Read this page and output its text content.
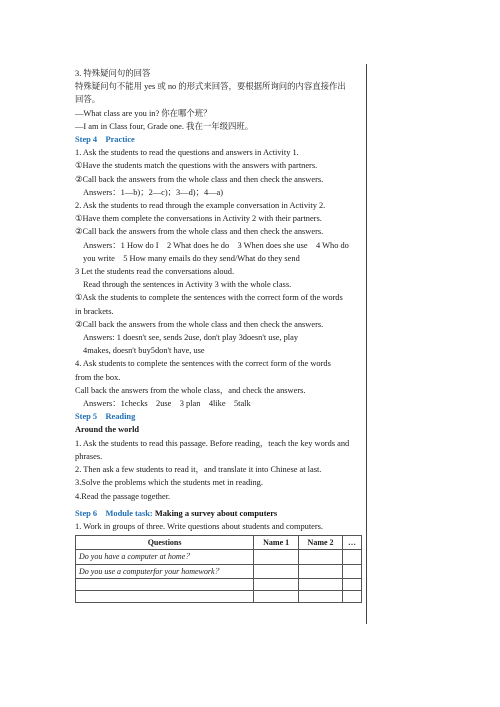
3. 特殊疑问句的回答
特殊疑问句不能用 yes 或 no 的形式来回答，要根据所询问的内容直接作出
回答。
—What class are you in? 你在哪个班？
—I am in Class four, Grade one. 我在一年级四班。
Step 4　Practice
1. Ask the students to read the questions and answers in Activity 1.
①Have the students match the questions with the answers with partners.
②Call back the answers from the whole class and then check the answers.
Answers：1—b)；2—c)；3—d)；4—a)
2. Ask the students to read through the example conversation in Activity 2.
①Have them complete the conversations in Activity 2 with their partners.
②Call back the answers from the whole class and then check the answers.
Answers：1 How do I　2 What does he do　3 When does she use　4 Who do
you write　5 How many emails do they send/What do they send
3 Let the students read the conversations aloud.
Read through the sentences in Activity 3 with the whole class.
①Ask the students to complete the sentences with the correct form of the words
in brackets.
②Call back the answers from the whole class and then check the answers.
Answers: 1 doesn't see, sends 2use, don't play 3doesn't use, play
4makes, doesn't buy5don't have, use
4. Ask students to complete the sentences with the correct form of the words
from the box.
Call back the answers from the whole class，and check the answers.
Answers：1checks　2use　3 plan　4like　5talk
Step 5　Reading
Around the world
1. Ask the students to read this passage. Before reading，teach the key words and
phrases.
2. Then ask a few students to read it，and translate it into Chinese at last.
3.Solve the problems which the students met in reading.
4.Read the passage together.
Step 6　Module task: Making a survey about computers
1. Work in groups of three. Write questions about students and computers.
Questions	Name 1	Name 2	…
Do you have a computer at home？			
Do you use a computerfor your homework？			
